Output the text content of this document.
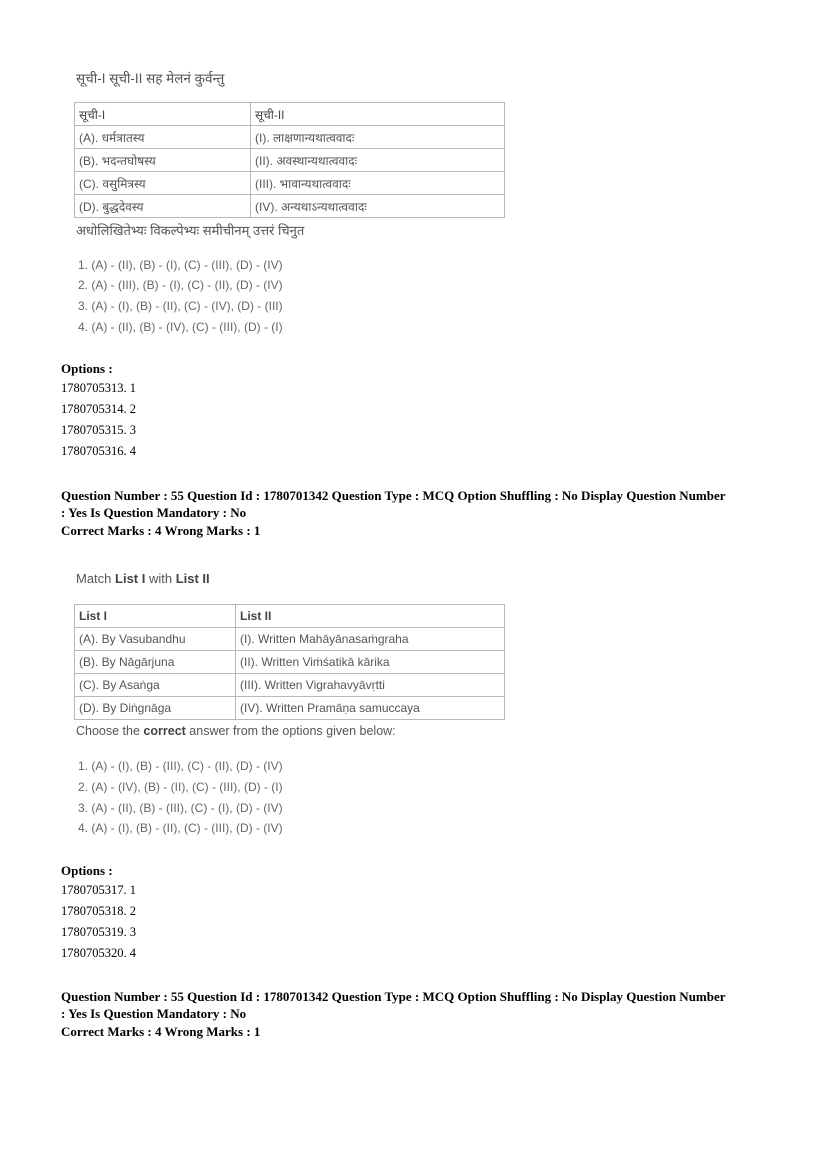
सूची-I सूची-II सह मेलनं कुर्वन्तु
सूची-I	सूची-II
(A). धर्मत्रातस्य	(I). लाक्षणान्यथात्ववादः
(B). भदन्तघोषस्य	(II). अवस्थान्यथात्ववादः
(C). वसुमित्रस्य	(III). भावान्यथात्ववादः
(D). बुद्धदेवस्य	(IV). अन्यथाऽन्यथात्ववादः
अधोलिखितेभ्यः विकल्पेभ्यः समीचीनम् उत्तरं चिनुत
1. (A) - (II), (B) - (I), (C) - (III), (D) - (IV)
2. (A) - (III), (B) - (I), (C) - (II), (D) - (IV)
3. (A) - (I), (B) - (II), (C) - (IV), (D) - (III)
4. (A) - (II), (B) - (IV), (C) - (III), (D) - (I)
Options :
1780705313. 1
1780705314. 2
1780705315. 3
1780705316. 4
Question Number : 55 Question Id : 1780701342 Question Type : MCQ Option Shuffling : No Display Question Number
: Yes Is Question Mandatory : No
Correct Marks : 4 Wrong Marks : 1
Match List I with List II
List I	List II
(A). By Vasubandhu	(I). Written Mahāyānasaṁgraha
(B). By Nāgārjuna	(II). Written Viṁśatikā kārika
(C). By Asaṅga	(III). Written Vigrahavyāvṛtti
(D). By Diṅgnāga	(IV). Written Pramāṇa samuccaya
Choose the correct answer from the options given below:
1. (A) - (I), (B) - (III), (C) - (II), (D) - (IV)
2. (A) - (IV), (B) - (II), (C) - (III), (D) - (I)
3. (A) - (II), (B) - (III), (C) - (I), (D) - (IV)
4. (A) - (I), (B) - (II), (C) - (III), (D) - (IV)
Options :
1780705317. 1
1780705318. 2
1780705319. 3
1780705320. 4
Question Number : 55 Question Id : 1780701342 Question Type : MCQ Option Shuffling : No Display Question Number
: Yes Is Question Mandatory : No
Correct Marks : 4 Wrong Marks : 1
